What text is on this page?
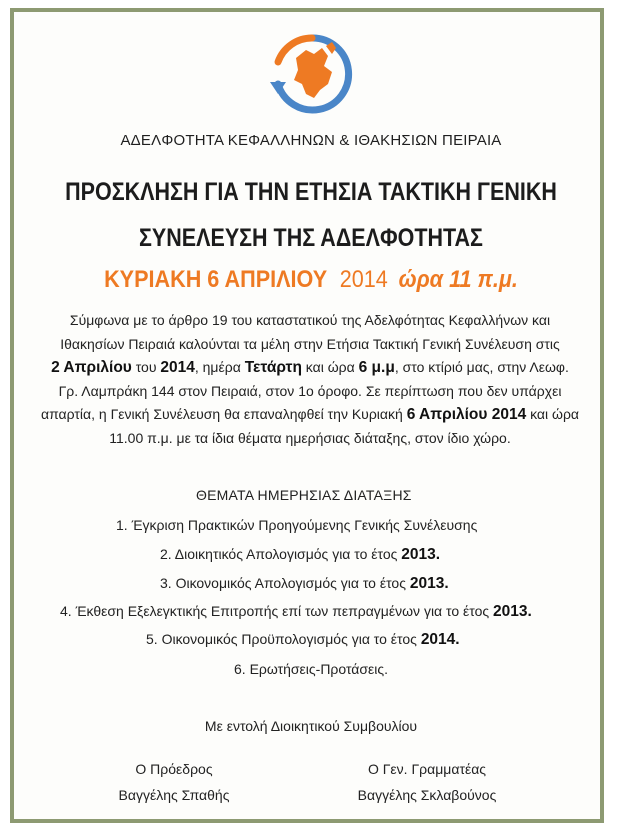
ΑΔΕΛΦΟΤΗΤΑ ΚΕΦΑΛΛΗΝΩΝ & ΙΘΑΚΗΣΙΩΝ ΠΕΙΡΑΙΑ
ΠΡΟΣΚΛΗΣΗ ΓΙΑ ΤΗΝ ΕΤΗΣΙΑ ΤΑΚΤΙΚΗ ΓΕΝΙΚΗ
ΣΥΝΕΛΕΥΣΗ ΤΗΣ ΑΔΕΛΦΟΤΗΤΑΣ
ΚΥΡΙΑΚΗ 6 ΑΠΡΙΛΙΟΥ 2014 ώρα 11 π.μ.

Σύμφωνα με το άρθρο 19 του καταστατικού της Αδελφότητας Κεφαλλήνων και

Ιθακησίων Πειραιά καλούνται τα μέλη στην Ετήσια Τακτική Γενική Συνέλευση στις

2 Απριλίου του 2014, ημέρα Τετάρτη και ώρα 6 μ.μ, στο κτίριό μας, στην Λεωφ.

Γρ. Λαμπράκη 144 στον Πειραιά, στον 1ο όροφο. Σε περίπτωση που δεν υπάρχει

απαρτία, η Γενική Συνέλευση θα επαναληφθεί την Κυριακή 6 Απριλίου 2014 και ώρα

11.00 π.μ. με τα ίδια θέματα ημερήσιας διάταξης, στον ίδιο χώρο.

ΘΕΜΑΤΑ ΗΜΕΡΗΣΙΑΣ ΔΙΑΤΑΞΗΣ
1. Έγκριση Πρακτικών Προηγούμενης Γενικής Συνέλευσης
2. Διοικητικός Απολογισμός για το έτος 2013.
3. Οικονομικός Απολογισμός για το έτος 2013.
4. Έκθεση Εξελεγκτικής Επιτροπής επί των πεπραγμένων για το έτος 2013.
5. Οικονομικός Προϋπολογισμός για το έτος 2014.
6. Ερωτήσεις-Προτάσεις.
Με εντολή Διοικητικού Συμβουλίου
Ο Πρόεδρος
Βαγγέλης Σπαθής
Ο Γεν. Γραμματέας
Βαγγέλης Σκλαβούνος
